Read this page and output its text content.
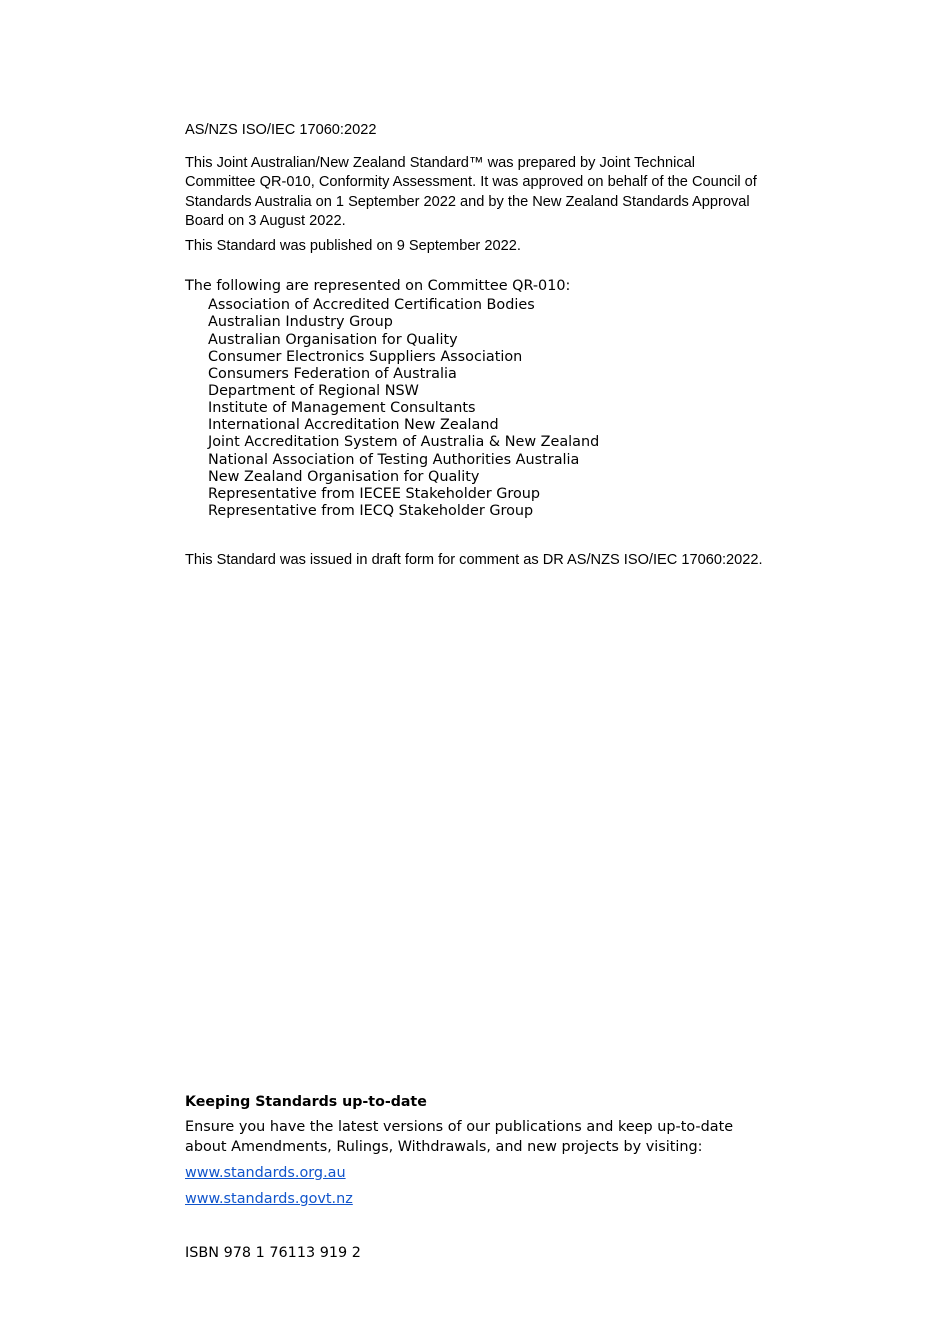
AS/NZS ISO/IEC 17060:2022
This Joint Australian/New Zealand Standard™ was prepared by Joint Technical Committee QR-010, Conformity Assessment. It was approved on behalf of the Council of Standards Australia on 1 September 2022 and by the New Zealand Standards Approval Board on 3 August 2022.
This Standard was published on 9 September 2022.
The following are represented on Committee QR-010:
Association of Accredited Certification Bodies
Australian Industry Group
Australian Organisation for Quality
Consumer Electronics Suppliers Association
Consumers Federation of Australia
Department of Regional NSW
Institute of Management Consultants
International Accreditation New Zealand
Joint Accreditation System of Australia & New Zealand
National Association of Testing Authorities Australia
New Zealand Organisation for Quality
Representative from IECEE Stakeholder Group
Representative from IECQ Stakeholder Group
This Standard was issued in draft form for comment as DR AS/NZS ISO/IEC 17060:2022.
Keeping Standards up-to-date
Ensure you have the latest versions of our publications and keep up-to-date about Amendments, Rulings, Withdrawals, and new projects by visiting:
www.standards.org.au
www.standards.govt.nz
ISBN 978 1 76113 919 2
